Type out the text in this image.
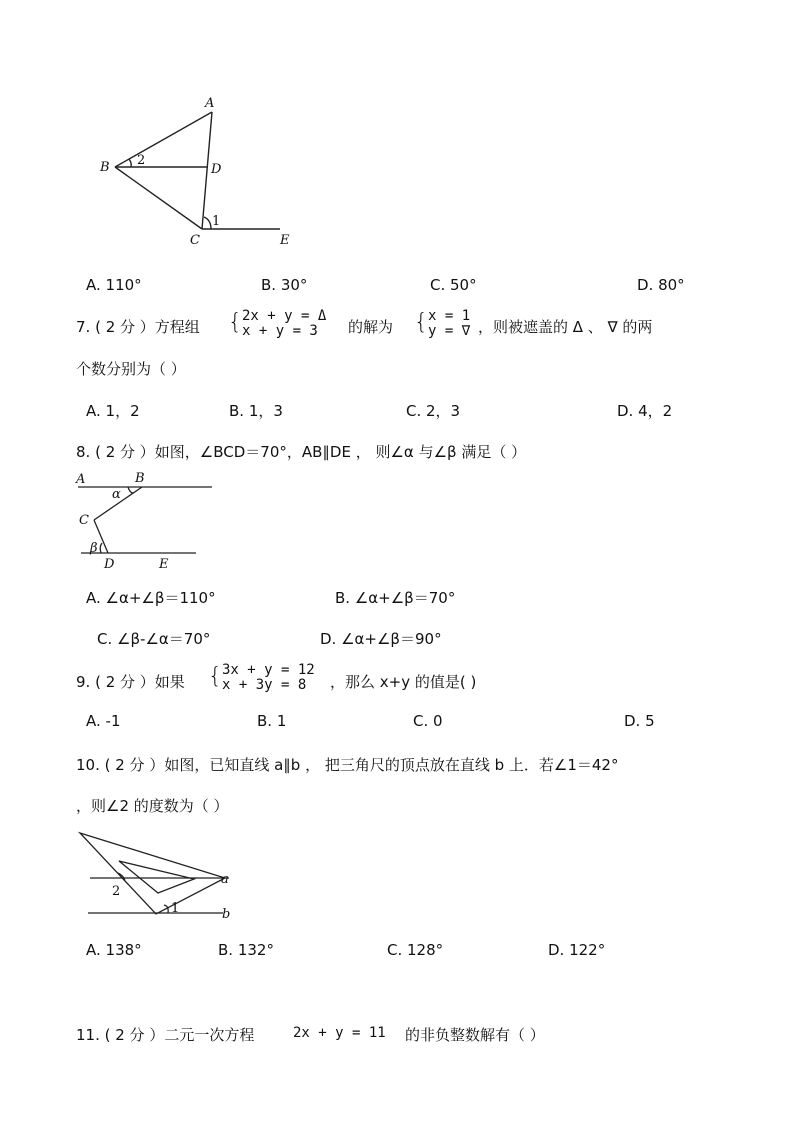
A
B 2
D
1
C	E
A. 110°	B. 30°	C. 50°	D. 80°
7. ( 2 分 ）方程组 { 2x + y = Δ
x + y = 3 的解为 { x = 1
y = ∇ ，则被遮盖的 Δ 、 ∇ 的两
个数分别为（ ）
A. 1，2	B. 1，3	C. 2，3	D. 4，2
8. ( 2 分 ）如图，∠BCD＝70°，AB∥DE ， 则∠α 与∠β 满足（ ）
A	B
α
C
β
D	E
A. ∠α+∠β＝110°	B. ∠α+∠β＝70°
C. ∠β-∠α＝70°	D. ∠α+∠β＝90°
9. ( 2 分 ）如果 { 3x + y = 12
x + 3y = 8 ，那么 x+y 的值是( )
A. -1	B. 1	C. 0	D. 5
10. ( 2 分 ）如图，已知直线 a∥b ， 把三角尺的顶点放在直线 b 上．若∠1＝42°
，则∠2 的度数为（ ）
2
1
a
b
A. 138°	B. 132°	C. 128°	D. 122°
11. ( 2 分 ）二元一次方程	2x + y = 11 的非负整数解有（ ）
